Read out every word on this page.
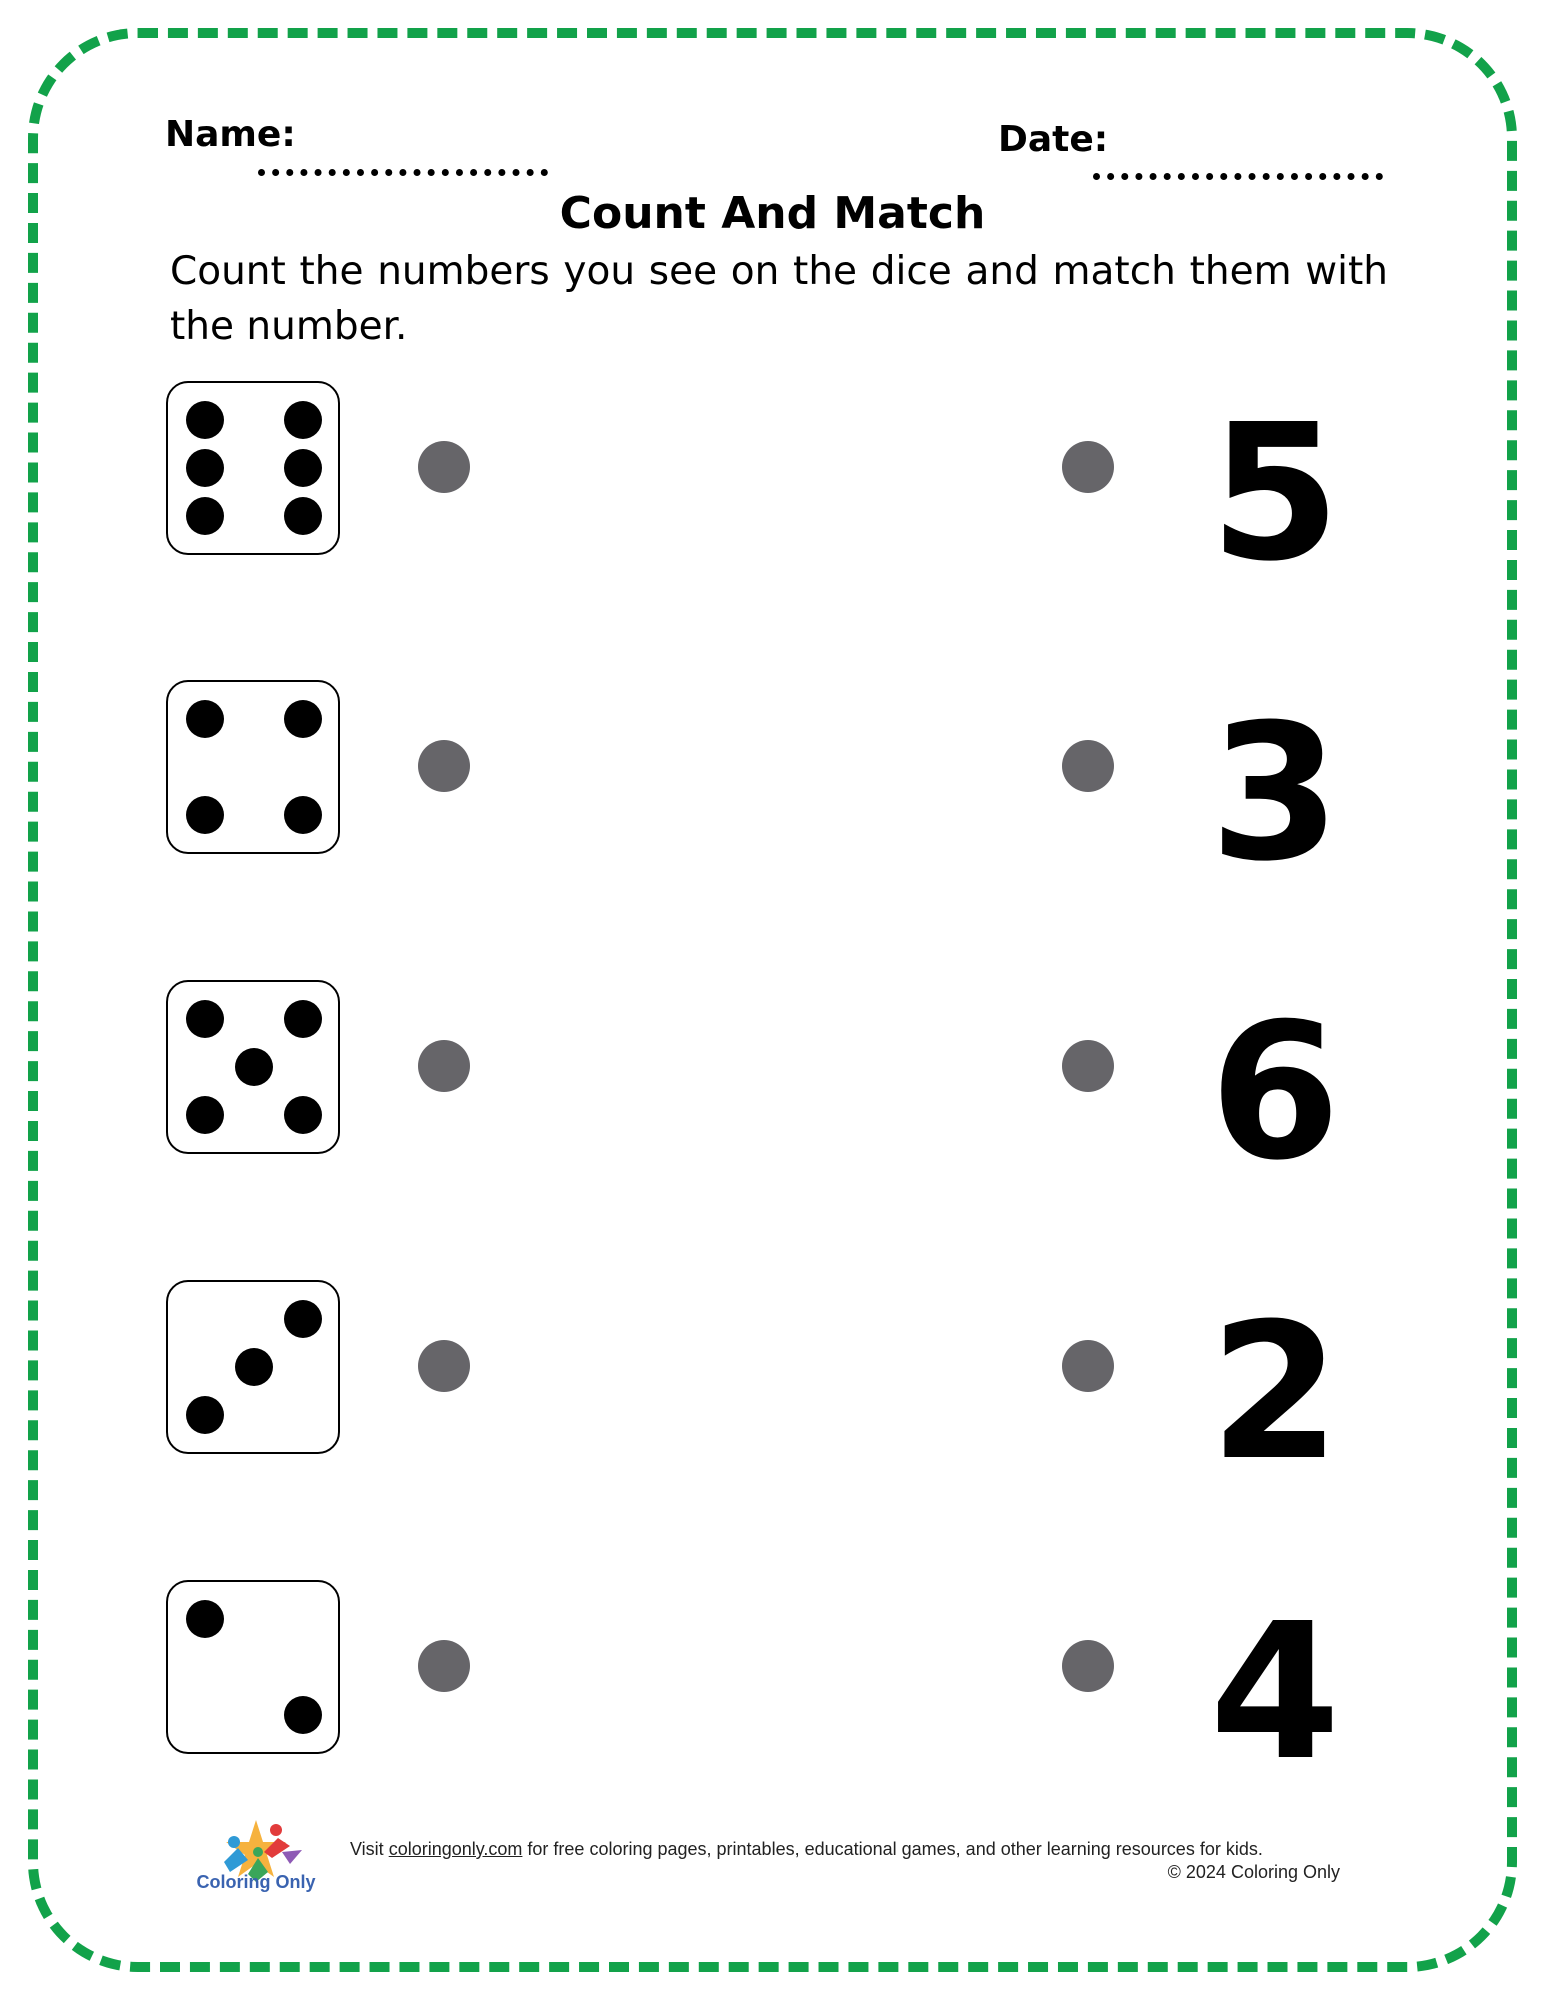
Name:	Date:
Count And Match
Count the numbers you see on the dice and match them with the number.
5
3
6
2
4
Coloring Only
Visit coloringonly.com for free coloring pages, printables, educational games, and other learning resources for kids.
© 2024 Coloring Only
